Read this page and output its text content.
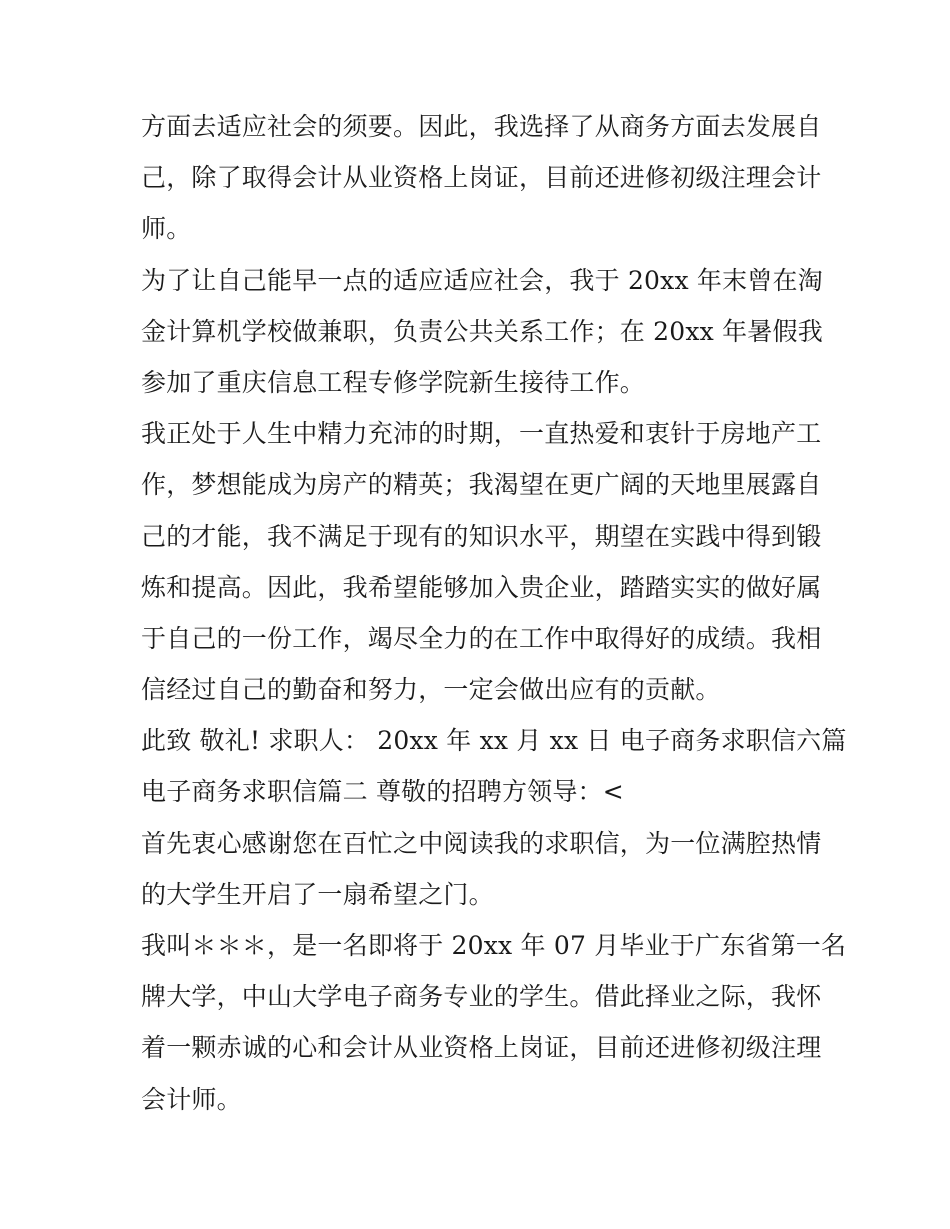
方面去适应社会的须要。因此，我选择了从商务方面去发展自
己，除了取得会计从业资格上岗证，目前还进修初级注理会计
师。
为了让自己能早一点的适应适应社会，我于 20xx 年末曾在淘
金计算机学校做兼职，负责公共关系工作；在 20xx 年暑假我
参加了重庆信息工程专修学院新生接待工作。
我正处于人生中精力充沛的时期，一直热爱和衷针于房地产工
作，梦想能成为房产的精英；我渴望在更广阔的天地里展露自
己的才能，我不满足于现有的知识水平，期望在实践中得到锻
炼和提高。因此，我希望能够加入贵企业，踏踏实实的做好属
于自己的一份工作，竭尽全力的在工作中取得好的成绩。我相
信经过自己的勤奋和努力，一定会做出应有的贡献。
此致 敬礼! 求职人： 20xx 年 xx 月 xx 日 电子商务求职信六篇
电子商务求职信篇二 尊敬的招聘方领导：<
首先衷心感谢您在百忙之中阅读我的求职信，为一位满腔热情
的大学生开启了一扇希望之门。
我叫＊＊＊，是一名即将于 20xx 年 07 月毕业于广东省第一名
牌大学，中山大学电子商务专业的学生。借此择业之际，我怀
着一颗赤诚的心和会计从业资格上岗证，目前还进修初级注理
会计师。
